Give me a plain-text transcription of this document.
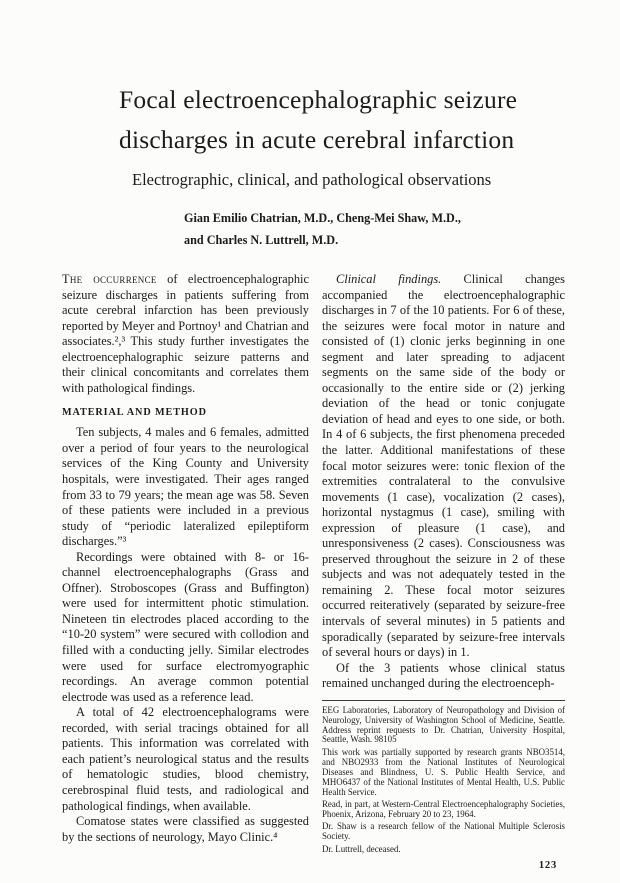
Focal electroencephalographic seizure
discharges in acute cerebral infarction
Electrographic, clinical, and pathological observations
Gian Emilio Chatrian, M.D., Cheng-Mei Shaw, M.D.,
and Charles N. Luttrell, M.D.

The occurrence of electroencephalographic seizure discharges in patients suffering from acute cerebral infarction has been previously reported by Meyer and Portnoy¹ and Chatrian and associates.²,³ This study further investigates the electroencephalographic seizure patterns and their clinical concomitants and correlates them with pathological findings.

MATERIAL AND METHOD

Ten subjects, 4 males and 6 females, admitted over a period of four years to the neurological services of the King County and University hospitals, were investigated. Their ages ranged from 33 to 79 years; the mean age was 58. Seven of these patients were included in a previous study of “periodic lateralized epileptiform discharges.”³

Recordings were obtained with 8- or 16-channel electroencephalographs (Grass and Offner). Stroboscopes (Grass and Buffington) were used for intermittent photic stimulation. Nineteen tin electrodes placed according to the “10-20 system” were secured with collodion and filled with a conducting jelly. Similar electrodes were used for surface electromyographic recordings. An average common potential electrode was used as a reference lead.

A total of 42 electroencephalograms were recorded, with serial tracings obtained for all patients. This information was correlated with each patient’s neurological status and the results of hematologic studies, blood chemistry, cerebrospinal fluid tests, and radiological and pathological findings, when available.

Comatose states were classified as suggested by the sections of neurology, Mayo Clinic.⁴

Clinical findings. Clinical changes accompanied the electroencephalographic discharges in 7 of the 10 patients. For 6 of these, the seizures were focal motor in nature and consisted of (1) clonic jerks beginning in one segment and later spreading to adjacent segments on the same side of the body or occasionally to the entire side or (2) jerking deviation of the head or tonic conjugate deviation of head and eyes to one side, or both. In 4 of 6 subjects, the first phenomena preceded the latter. Additional manifestations of these focal motor seizures were: tonic flexion of the extremities contralateral to the convulsive movements (1 case), vocalization (2 cases), horizontal nystagmus (1 case), smiling with expression of pleasure (1 case), and unresponsiveness (2 cases). Consciousness was preserved throughout the seizure in 2 of these subjects and was not adequately tested in the remaining 2. These focal motor seizures occurred reiteratively (separated by seizure-free intervals of several minutes) in 5 patients and sporadically (separated by seizure-free intervals of several hours or days) in 1.

Of the 3 patients whose clinical status remained unchanged during the electroenceph-

EEG Laboratories, Laboratory of Neuropathology and Division of Neurology, University of Washington School of Medicine, Seattle. Address reprint requests to Dr. Chatrian, University Hospital, Seattle, Wash. 98105

This work was partially supported by research grants NBO3514, and NBO2933 from the National Institutes of Neurological Diseases and Blindness, U. S. Public Health Service, and MHO6437 of the National Institutes of Mental Health, U.S. Public Health Service.

Read, in part, at Western-Central Electroencephalography Societies, Phoenix, Arizona, February 20 to 23, 1964.

Dr. Shaw is a research fellow of the National Multiple Sclerosis Society.

Dr. Luttrell, deceased.

123
